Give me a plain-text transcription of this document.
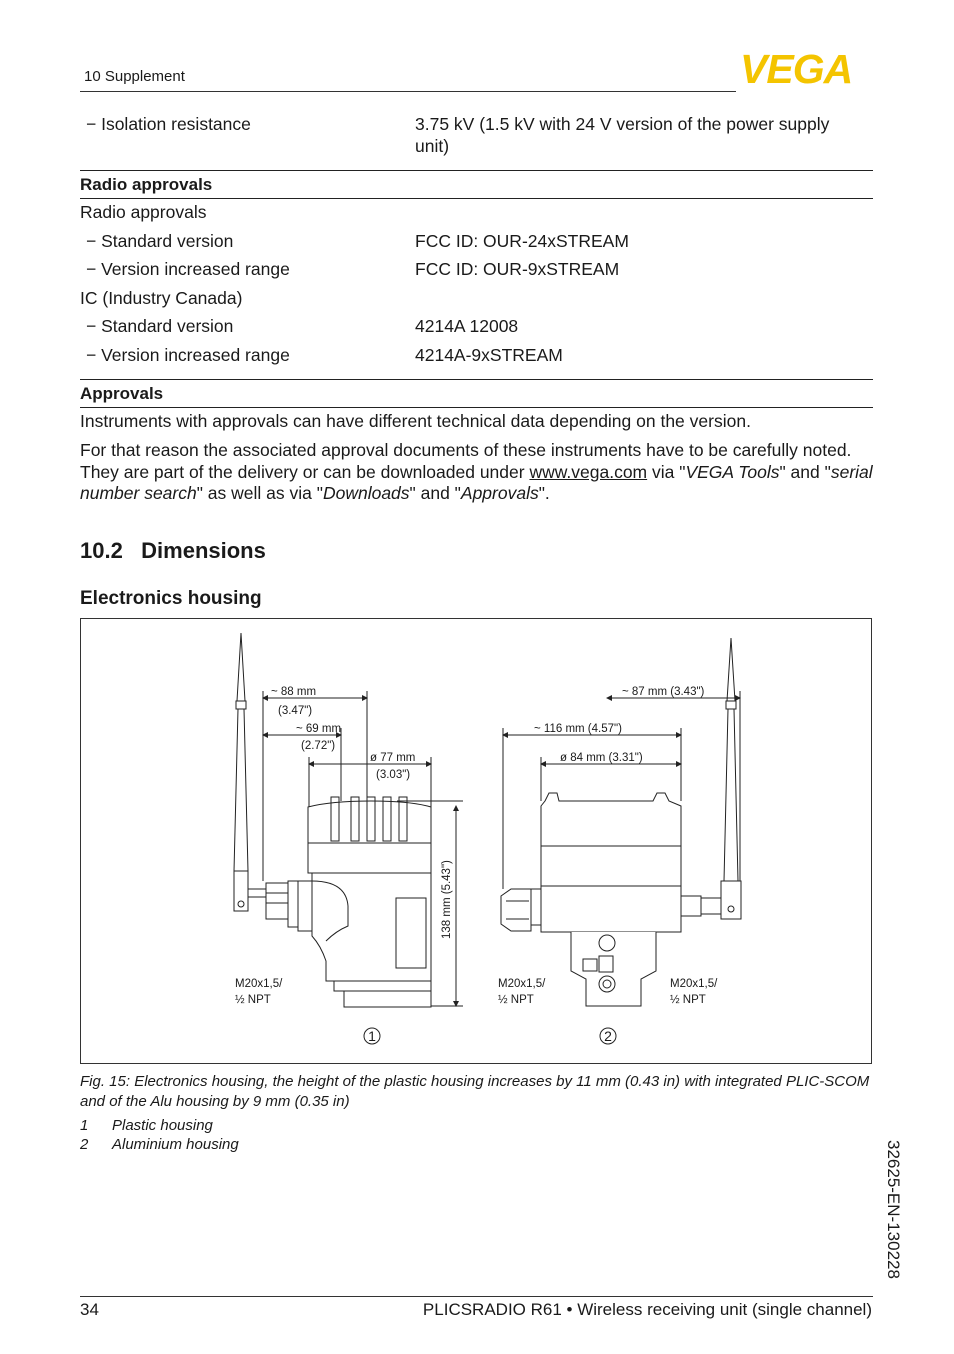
10 Supplement	VEGA
− Isolation resistance	3.75 kV (1.5 kV with 24 V version of the power supply
unit)
Radio approvals
Radio approvals
− Standard version	FCC ID: OUR-24xSTREAM
− Version increased range	FCC ID: OUR-9xSTREAM
IC (Industry Canada)
− Standard version	4214A 12008
− Version increased range	4214A-9xSTREAM
Approvals
Instruments with approvals can have different technical data depending on the version.
For that reason the associated approval documents of these instruments have to be carefully noted. They are part of the delivery or can be downloaded under www.vega.com via "VEGA Tools" and "serial number search" as well as via "Downloads" and "Approvals".
10.2   Dimensions
Electronics housing
~ 88 mm
(3.47")
~ 69 mm
(2.72")
ø 77 mm
(3.03")
138 mm (5.43")
M20x1,5/
½ NPT
~ 87 mm (3.43")
~ 116 mm (4.57")
ø 84 mm (3.31")
M20x1,5/
½ NPT
M20x1,5/
½ NPT
1	2
Fig. 15: Electronics housing, the height of the plastic housing increases by 11 mm (0.43 in) with integrated PLIC-SCOM and of the Alu housing by 9 mm (0.35 in)
1 Plastic housing
2 Aluminium housing	32625-EN-130228
34	PLICSRADIO R61 • Wireless receiving unit (single channel)
